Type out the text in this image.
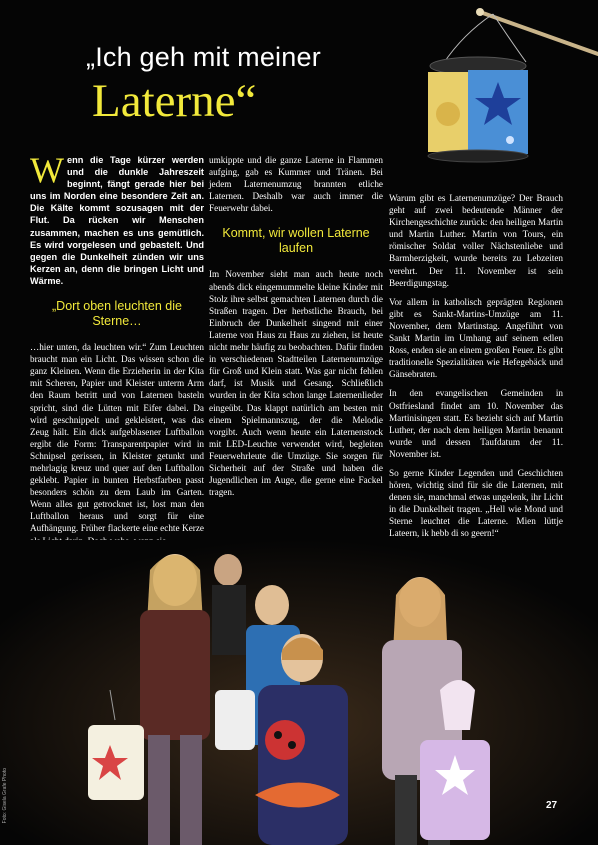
„Ich geh mit meiner
Laterne“

Wenn die Tage kürzer werden und die dunkle Jahreszeit beginnt, fängt gerade hier bei uns im Norden eine besondere Zeit an. Die Kälte kommt sozusagen mit der Flut. Da rücken wir Menschen zusammen, machen es uns gemütlich. Es wird vorgelesen und gebastelt. Und gegen die Dunkelheit zünden wir uns Kerzen an, denn die bringen Licht und Wärme.

„Dort oben leuchten die Sterne…

…hier unten, da leuchten wir.“ Zum Leuchten braucht man ein Licht. Das wissen schon die ganz Kleinen. Wenn die Erzieherin in der Kita mit Scheren, Papier und Kleister unterm Arm den Raum betritt und von Laternen basteln spricht, sind die Lütten mit Eifer dabei. Da wird geschnippelt und gekleistert, was das Zeug hält. Ein dick aufgeblasener Luftballon ergibt die Form: Transparentpapier wird in Schnipsel gerissen, in Kleister getunkt und mehrlagig kreuz und quer auf den Luftballon geklebt. Papier in bunten Herbstfarben passt besonders schön zu dem Laub im Garten. Wenn alles gut getrocknet ist, lost man den Luftballon heraus und sorgt für eine Aufhängung. Früher flackerte eine echte Kerze

umkippte und die ganze Laterne in Flammen aufging, gab es Kummer und Tränen. Bei jedem Laternenumzug brannten etliche Laternen. Deshalb war auch immer die Feuerwehr dabei.

Kommt, wir wollen Laterne laufen

Im November sieht man auch heute noch abends dick eingemummelte kleine Kinder mit Stolz ihre selbst gemachten Laternen durch die Straßen tragen. Der herbstliche Brauch, bei Einbruch der Dunkelheit singend mit einer Laterne von Haus zu Haus zu ziehen, ist heute nicht mehr häufig zu beobachten. Dafür finden in verschiedenen Stadtteilen Laternenumzüge für Groß und Klein statt. Was gar nicht fehlen darf, ist Musik und Gesang. Schließlich wurden in der Kita schon lange Laternenlieder eingeübt. Das klappt natürlich am besten mit einem Spielmannszug, der die Melodie vorgibt. Auch wenn heute ein Laternenstock mit LED-Leuchte verwendet wird, begleiten Feuerwehrleute die Umzüge. Sie sorgen für Sicherheit auf der Straße und haben die Jugendlichen im Auge, die gerne eine Fackel tragen.

Warum gibt es Laternenumzüge? Der Brauch geht auf zwei bedeutende Männer der Kirchengeschichte zurück: den heiligen Martin und Martin Luther. Martin von Tours, ein römischer Soldat voller Nächstenliebe und Barmherzigkeit, wurde bereits zu Lebzeiten verehrt. Der 11. November ist sein Beerdigungstag.

Vor allem in katholisch geprägten Regionen gibt es Sankt-Martins-Umzüge am 11. November, dem Martinstag. Angeführt von Sankt Martin im Umhang auf seinem edlen Ross, enden sie an einem großen Feuer. Es gibt traditionelle Spezialitäten wie Hefegebäck und Gänsebraten.

In den evangelischen Gemeinden in Ostfriesland findet am 10. November das Martinisingen statt. Es bezieht sich auf Martin Luther, der nach dem heiligen Martin benannt wurde und dessen Taufdatum der 11. November ist.

So gerne Kinder Legenden und Geschichten hören, wichtig sind für sie die Laternen, mit denen sie, manchmal etwas ungelenk, ihr Licht in die Dunkelheit tragen. „Hell wie Mond und Sterne leuchtet die Laterne. Mien lüttje Lateern, ik hebb di so geern!“

Foto: Gisela Grafe Photo	27
